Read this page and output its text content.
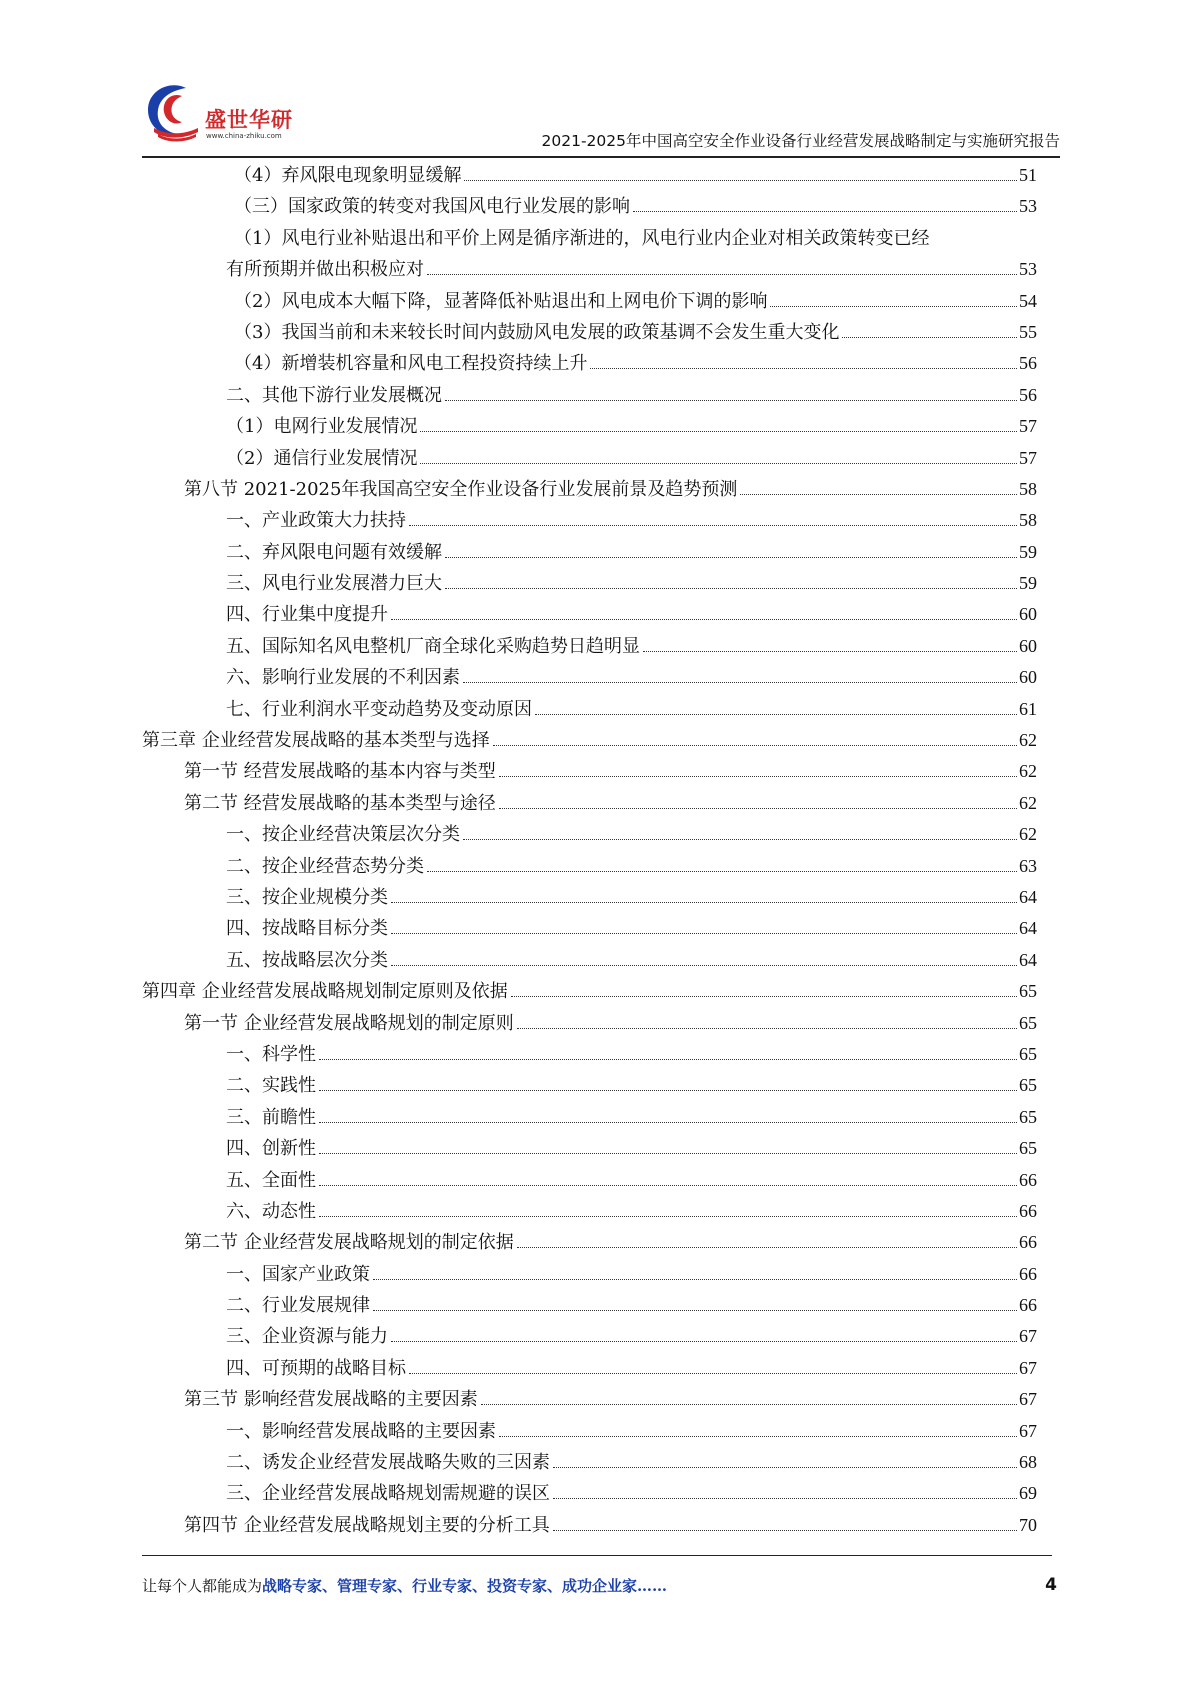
盛世华研
www.china-zhiku.com	2021-2025年中国高空安全作业设备行业经营发展战略制定与实施研究报告
（4）弃风限电现象明显缓解	51
（三）国家政策的转变对我国风电行业发展的影响	53
（1）风电行业补贴退出和平价上网是循序渐进的，风电行业内企业对相关政策转变已经
有所预期并做出积极应对	53
（2）风电成本大幅下降，显著降低补贴退出和上网电价下调的影响	54
（3）我国当前和未来较长时间内鼓励风电发展的政策基调不会发生重大变化	55
（4）新增装机容量和风电工程投资持续上升	56
二、其他下游行业发展概况	56
（1）电网行业发展情况	57
（2）通信行业发展情况	57
第八节 2021-2025年我国高空安全作业设备行业发展前景及趋势预测	58
一、产业政策大力扶持	58
二、弃风限电问题有效缓解	59
三、风电行业发展潜力巨大	59
四、行业集中度提升	60
五、国际知名风电整机厂商全球化采购趋势日趋明显	60
六、影响行业发展的不利因素	60
七、行业利润水平变动趋势及变动原因	61
第三章 企业经营发展战略的基本类型与选择	62
第一节 经营发展战略的基本内容与类型	62
第二节 经营发展战略的基本类型与途径	62
一、按企业经营决策层次分类	62
二、按企业经营态势分类	63
三、按企业规模分类	64
四、按战略目标分类	64
五、按战略层次分类	64
第四章 企业经营发展战略规划制定原则及依据	65
第一节 企业经营发展战略规划的制定原则	65
一、科学性	65
二、实践性	65
三、前瞻性	65
四、创新性	65
五、全面性	66
六、动态性	66
第二节 企业经营发展战略规划的制定依据	66
一、国家产业政策	66
二、行业发展规律	66
三、企业资源与能力	67
四、可预期的战略目标	67
第三节 影响经营发展战略的主要因素	67
一、影响经营发展战略的主要因素	67
二、诱发企业经营发展战略失败的三因素	68
三、企业经营发展战略规划需规避的误区	69
第四节 企业经营发展战略规划主要的分析工具	70
让每个人都能成为战略专家、管理专家、行业专家、投资专家、成功企业家……	4
